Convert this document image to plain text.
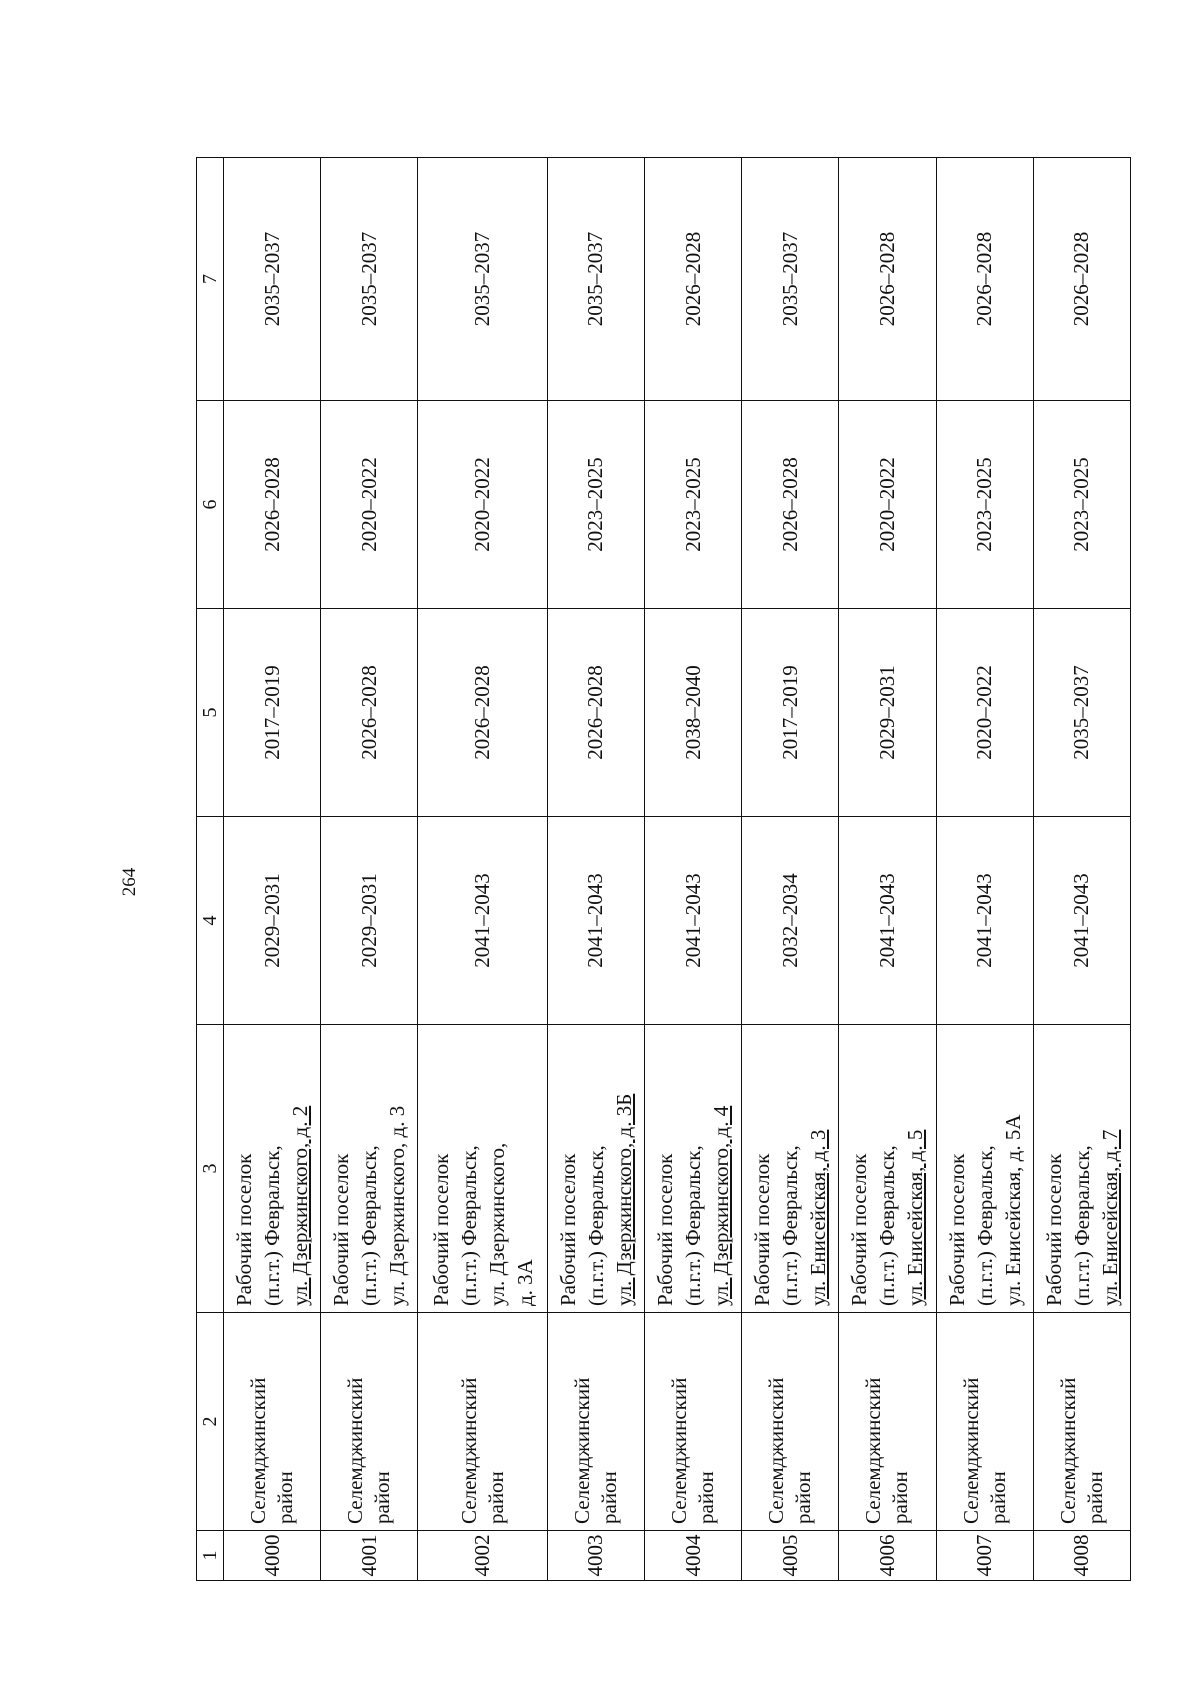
264
1	2	3	4	5	6	7
4000	Селемджинский район	Рабочий поселок (п.г.т.) Февральск, ул. Дзержинского, д. 2	2029–2031	2017–2019	2026–2028	2035–2037
4001	Селемджинский район	Рабочий поселок (п.г.т.) Февральск, ул. Дзержинского, д. 3	2029–2031	2026–2028	2020–2022	2035–2037
4002	Селемджинский район	Рабочий поселок (п.г.т.) Февральск, ул. Дзержинского, д. 3А	2041–2043	2026–2028	2020–2022	2035–2037
4003	Селемджинский район	Рабочий поселок (п.г.т.) Февральск, ул. Дзержинского, д. 3Б	2041–2043	2026–2028	2023–2025	2035–2037
4004	Селемджинский район	Рабочий поселок (п.г.т.) Февральск, ул. Дзержинского, д. 4	2041–2043	2038–2040	2023–2025	2026–2028
4005	Селемджинский район	Рабочий поселок (п.г.т.) Февральск, ул. Енисейская, д. 3	2032–2034	2017–2019	2026–2028	2035–2037
4006	Селемджинский район	Рабочий поселок (п.г.т.) Февральск, ул. Енисейская, д. 5	2041–2043	2029–2031	2020–2022	2026–2028
4007	Селемджинский район	Рабочий поселок (п.г.т.) Февральск, ул. Енисейская, д. 5А	2041–2043	2020–2022	2023–2025	2026–2028
4008	Селемджинский район	Рабочий поселок (п.г.т.) Февральск, ул. Енисейская, д. 7	2041–2043	2035–2037	2023–2025	2026–2028
